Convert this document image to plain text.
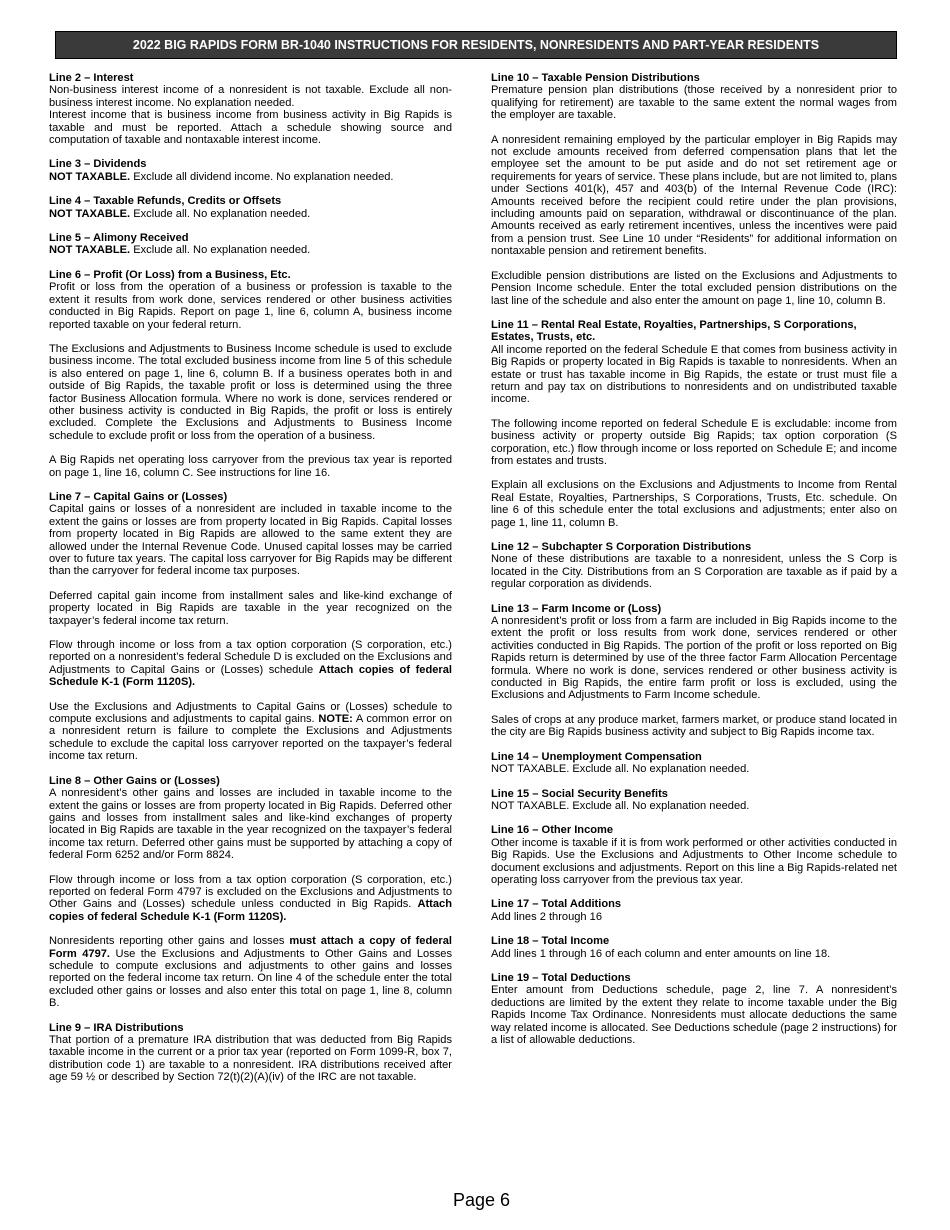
2022 BIG RAPIDS FORM BR-1040 INSTRUCTIONS FOR RESIDENTS, NONRESIDENTS AND PART-YEAR RESIDENTS
Line 2 – Interest
Non-business interest income of a nonresident is not taxable. Exclude all non-business interest income. No explanation needed.
Interest income that is business income from business activity in Big Rapids is taxable and must be reported. Attach a schedule showing source and computation of taxable and nontaxable interest income.
Line 3 – Dividends
NOT TAXABLE. Exclude all dividend income. No explanation needed.
Line 4 – Taxable Refunds, Credits or Offsets
NOT TAXABLE. Exclude all. No explanation needed.
Line 5 – Alimony Received
NOT TAXABLE. Exclude all. No explanation needed.
Line 6 – Profit (Or Loss) from a Business, Etc.
Profit or loss from the operation of a business or profession is taxable to the extent it results from work done, services rendered or other business activities conducted in Big Rapids. Report on page 1, line 6, column A, business income reported taxable on your federal return.
The Exclusions and Adjustments to Business Income schedule is used to exclude business income. The total excluded business income from line 5 of this schedule is also entered on page 1, line 6, column B. If a business operates both in and outside of Big Rapids, the taxable profit or loss is determined using the three factor Business Allocation formula. Where no work is done, services rendered or other business activity is conducted in Big Rapids, the profit or loss is entirely excluded. Complete the Exclusions and Adjustments to Business Income schedule to exclude profit or loss from the operation of a business.
A Big Rapids net operating loss carryover from the previous tax year is reported on page 1, line 16, column C. See instructions for line 16.
Line 7 – Capital Gains or (Losses)
Capital gains or losses of a nonresident are included in taxable income to the extent the gains or losses are from property located in Big Rapids. Capital losses from property located in Big Rapids are allowed to the same extent they are allowed under the Internal Revenue Code. Unused capital losses may be carried over to future tax years. The capital loss carryover for Big Rapids may be different than the carryover for federal income tax purposes.
Deferred capital gain income from installment sales and like-kind exchange of property located in Big Rapids are taxable in the year recognized on the taxpayer’s federal income tax return.
Flow through income or loss from a tax option corporation (S corporation, etc.) reported on a nonresident’s federal Schedule D is excluded on the Exclusions and Adjustments to Capital Gains or (Losses) schedule Attach copies of federal Schedule K-1 (Form 1120S).
Use the Exclusions and Adjustments to Capital Gains or (Losses) schedule to compute exclusions and adjustments to capital gains. NOTE: A common error on a nonresident return is failure to complete the Exclusions and Adjustments schedule to exclude the capital loss carryover reported on the taxpayer’s federal income tax return.
Line 8 – Other Gains or (Losses)
A nonresident’s other gains and losses are included in taxable income to the extent the gains or losses are from property located in Big Rapids. Deferred other gains and losses from installment sales and like-kind exchanges of property located in Big Rapids are taxable in the year recognized on the taxpayer’s federal income tax return. Deferred other gains must be supported by attaching a copy of federal Form 6252 and/or Form 8824.
Flow through income or loss from a tax option corporation (S corporation, etc.) reported on federal Form 4797 is excluded on the Exclusions and Adjustments to Other Gains and (Losses) schedule unless conducted in Big Rapids. Attach copies of federal Schedule K-1 (Form 1120S).
Nonresidents reporting other gains and losses must attach a copy of federal Form 4797. Use the Exclusions and Adjustments to Other Gains and Losses schedule to compute exclusions and adjustments to other gains and losses reported on the federal income tax return. On line 4 of the schedule enter the total excluded other gains or losses and also enter this total on page 1, line 8, column B.
Line 9 – IRA Distributions
That portion of a premature IRA distribution that was deducted from Big Rapids taxable income in the current or a prior tax year (reported on Form 1099-R, box 7, distribution code 1) are taxable to a nonresident. IRA distributions received after age 59 ½ or described by Section 72(t)(2)(A)(iv) of the IRC are not taxable.
Line 10 – Taxable Pension Distributions
Premature pension plan distributions (those received by a nonresident prior to qualifying for retirement) are taxable to the same extent the normal wages from the employer are taxable.
A nonresident remaining employed by the particular employer in Big Rapids may not exclude amounts received from deferred compensation plans that let the employee set the amount to be put aside and do not set retirement age or requirements for years of service. These plans include, but are not limited to, plans under Sections 401(k), 457 and 403(b) of the Internal Revenue Code (IRC): Amounts received before the recipient could retire under the plan provisions, including amounts paid on separation, withdrawal or discontinuance of the plan. Amounts received as early retirement incentives, unless the incentives were paid from a pension trust. See Line 10 under “Residents” for additional information on nontaxable pension and retirement benefits.
Excludible pension distributions are listed on the Exclusions and Adjustments to Pension Income schedule. Enter the total excluded pension distributions on the last line of the schedule and also enter the amount on page 1, line 10, column B.
Line 11 – Rental Real Estate, Royalties, Partnerships, S Corporations, Estates, Trusts, etc.
All income reported on the federal Schedule E that comes from business activity in Big Rapids or property located in Big Rapids is taxable to nonresidents. When an estate or trust has taxable income in Big Rapids, the estate or trust must file a return and pay tax on distributions to nonresidents and on undistributed taxable income.
The following income reported on federal Schedule E is excludable: income from business activity or property outside Big Rapids; tax option corporation (S corporation, etc.) flow through income or loss reported on Schedule E; and income from estates and trusts.
Explain all exclusions on the Exclusions and Adjustments to Income from Rental Real Estate, Royalties, Partnerships, S Corporations, Trusts, Etc. schedule. On line 6 of this schedule enter the total exclusions and adjustments; enter also on page 1, line 11, column B.
Line 12 – Subchapter S Corporation Distributions
None of these distributions are taxable to a nonresident, unless the S Corp is located in the City. Distributions from an S Corporation are taxable as if paid by a regular corporation as dividends.
Line 13 – Farm Income or (Loss)
A nonresident’s profit or loss from a farm are included in Big Rapids income to the extent the profit or loss results from work done, services rendered or other activities conducted in Big Rapids. The portion of the profit or loss reported on Big Rapids return is determined by use of the three factor Farm Allocation Percentage formula. Where no work is done, services rendered or other business activity is conducted in Big Rapids, the entire farm profit or loss is excluded, using the Exclusions and Adjustments to Farm Income schedule.
Sales of crops at any produce market, farmers market, or produce stand located in the city are Big Rapids business activity and subject to Big Rapids income tax.
Line 14 – Unemployment Compensation
NOT TAXABLE. Exclude all. No explanation needed.
Line 15 – Social Security Benefits
NOT TAXABLE. Exclude all. No explanation needed.
Line 16 – Other Income
Other income is taxable if it is from work performed or other activities conducted in Big Rapids. Use the Exclusions and Adjustments to Other Income schedule to document exclusions and adjustments. Report on this line a Big Rapids-related net operating loss carryover from the previous tax year.
Line 17 – Total Additions
Add lines 2 through 16
Line 18 – Total Income
Add lines 1 through 16 of each column and enter amounts on line 18.
Line 19 – Total Deductions
Enter amount from Deductions schedule, page 2, line 7. A nonresident’s deductions are limited by the extent they relate to income taxable under the Big Rapids Income Tax Ordinance. Nonresidents must allocate deductions the same way related income is allocated. See Deductions schedule (page 2 instructions) for a list of allowable deductions.
Page 6
